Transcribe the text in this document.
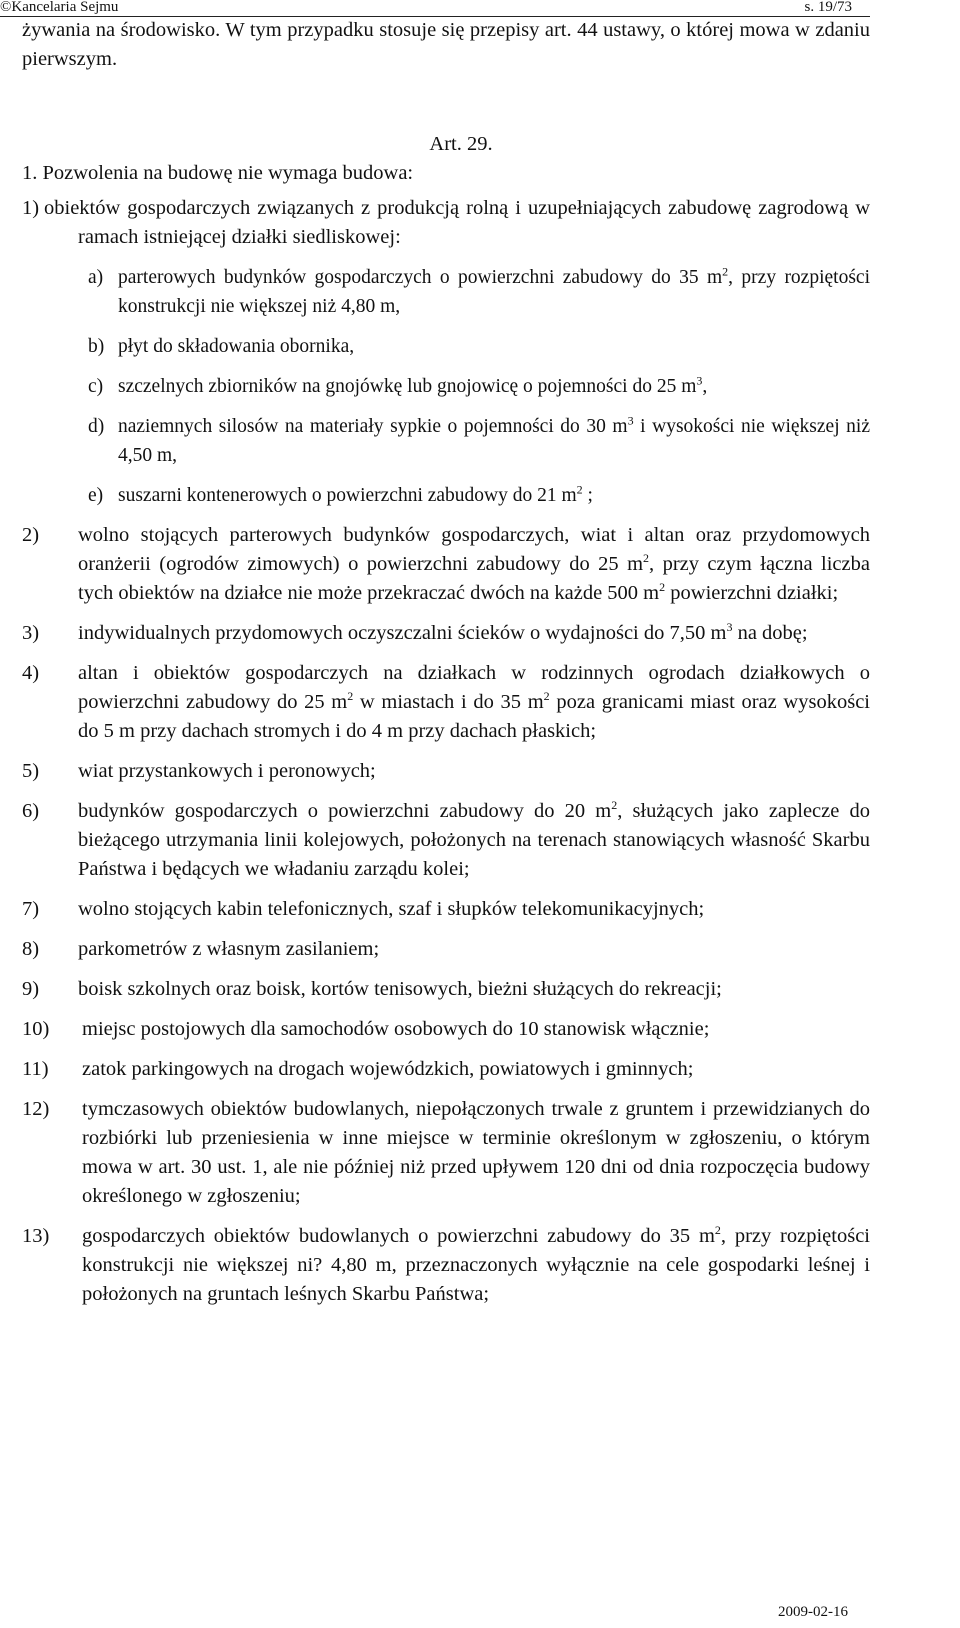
©Kancelaria Sejmu	s. 19/73

żywania na środowisko. W tym przypadku stosuje się przepisy art. 44 ustawy, o której mowa w zdaniu pierwszym.

Art. 29.

1. Pozwolenia na budowę nie wymaga budowa:

1) obiektów gospodarczych związanych z produkcją rolną i uzupełniających zabudowę zagrodową w ramach istniejącej działki siedliskowej:
a) parterowych budynków gospodarczych o powierzchni zabudowy do 35 $m^2$, przy rozpiętości konstrukcji nie większej niż 4,80 m,
b) płyt do składowania obornika,
c) szczelnych zbiorników na gnojówkę lub gnojowicę o pojemności do 25 $m^3$,
d) naziemnych silosów na materiały sypkie o pojemności do 30 $m^3$ i wysokości nie większej niż 4,50 m,
e) suszarni kontenerowych o powierzchni zabudowy do 21 $m^2$ ;
2) wolno stojących parterowych budynków gospodarczych, wiat i altan oraz przydomowych oranżerii (ogrodów zimowych) o powierzchni zabudowy do 25 $m^2$, przy czym łączna liczba tych obiektów na działce nie może przekraczać dwóch na każde 500 $m^2$ powierzchni działki;
3) indywidualnych przydomowych oczyszczalni ścieków o wydajności do 7,50 $m^3$ na dobę;
4) altan i obiektów gospodarczych na działkach w rodzinnych ogrodach działkowych o powierzchni zabudowy do 25 $m^2$ w miastach i do 35 $m^2$ poza granicami miast oraz wysokości do 5 m przy dachach stromych i do 4 m przy dachach płaskich;
5) wiat przystankowych i peronowych;
6) budynków gospodarczych o powierzchni zabudowy do 20 $m^2$, służących jako zaplecze do bieżącego utrzymania linii kolejowych, położonych na terenach stanowiących własność Skarbu Państwa i będących we władaniu zarządu kolei;
7) wolno stojących kabin telefonicznych, szaf i słupków telekomunikacyjnych;
8) parkometrów z własnym zasilaniem;
9) boisk szkolnych oraz boisk, kortów tenisowych, bieżni służących do rekreacji;
10) miejsc postojowych dla samochodów osobowych do 10 stanowisk włącznie;
11) zatok parkingowych na drogach wojewódzkich, powiatowych i gminnych;
12) tymczasowych obiektów budowlanych, niepołączonych trwale z gruntem i przewidzianych do rozbiórki lub przeniesienia w inne miejsce w terminie określonym w zgłoszeniu, o którym mowa w art. 30 ust. 1, ale nie później niż przed upływem 120 dni od dnia rozpoczęcia budowy określonego w zgłoszeniu;
13) gospodarczych obiektów budowlanych o powierzchni zabudowy do 35 $m^2$, przy rozpiętości konstrukcji nie większej ni? 4,80 m, przeznaczonych wyłącznie na cele gospodarki leśnej i położonych na gruntach leśnych Skarbu Państwa;
2009-02-16
